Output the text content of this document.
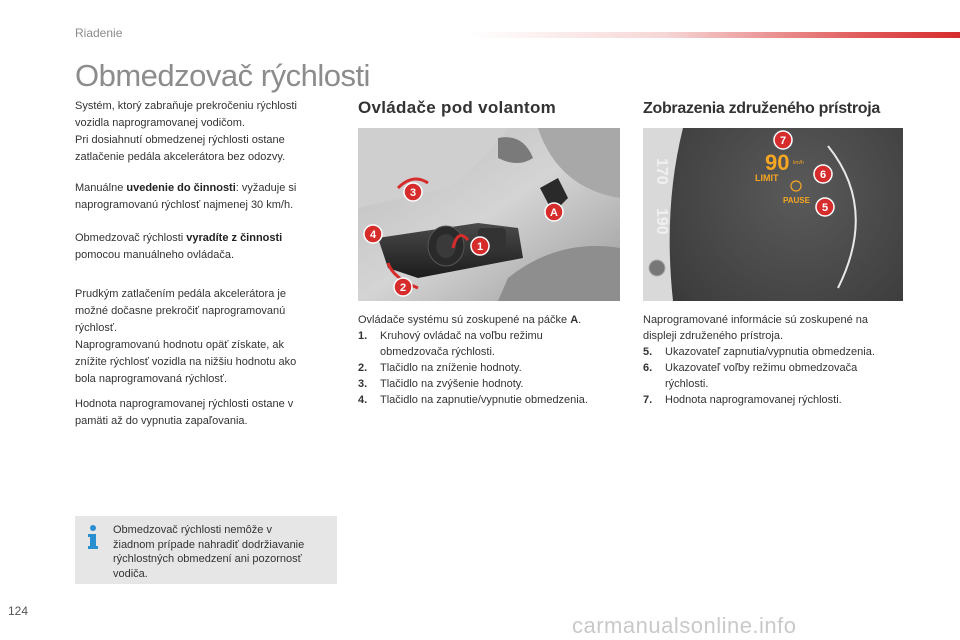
Riadenie
Obmedzovač rýchlosti

Systém, ktorý zabraňuje prekročeniu rýchlosti
vozidla naprogramovanej vodičom.
Pri dosiahnutí obmedzenej rýchlosti ostane
zatlačenie pedála akcelerátora bez odozvy.

Manuálne uvedenie do činnosti: vyžaduje si
naprogramovanú rýchlosť najmenej 30 km/h.

Obmedzovač rýchlosti vyradíte z činnosti
pomocou manuálneho ovládača.

Prudkým zatlačením pedála akcelerátora je
možné dočasne prekročiť naprogramovanú
rýchlosť.
Naprogramovanú hodnotu opäť získate, ak
znížite rýchlosť vozidla na nižšiu hodnotu ako
bola naprogramovaná rýchlosť.

Hodnota naprogramovanej rýchlosti ostane v
pamäti až do vypnutia zapaľovania.

Obmedzovač rýchlosti nemôže v
žiadnom prípade nahradiť dodržiavanie
rýchlostných obmedzení ani pozornosť
vodiča.
Ovládače pod volantom
3
4
1
2
A
Ovládače systému sú zoskupené na páčke A.
1.	Kruhový ovládač na voľbu režimu
obmedzovača rýchlosti.
2.	Tlačidlo na zníženie hodnoty.
3.	Tlačidlo na zvýšenie hodnoty.
4.	Tlačidlo na zapnutie/vypnutie obmedzenia.
Zobrazenia združeného prístroja
170
190
90 km/h
LIMIT
PAUSE
7
6
5
Naprogramované informácie sú zoskupené na
displeji združeného prístroja.
5.	Ukazovateľ zapnutia/vypnutia obmedzenia.
6.	Ukazovateľ voľby režimu obmedzovača
rýchlosti.
7.	Hodnota naprogramovanej rýchlosti.
124
carmanualsonline.info
